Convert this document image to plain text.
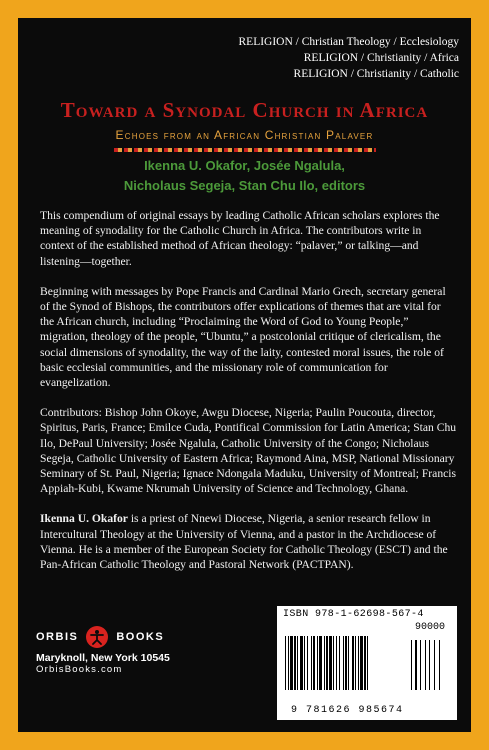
RELIGION / Christian Theology / Ecclesiology
RELIGION / Christianity / Africa
RELIGION / Christianity / Catholic
Toward a Synodal Church in Africa
Echoes from an African Christian Palaver
Ikenna U. Okafor, Josée Ngalula,
Nicholaus Segeja, Stan Chu Ilo, editors

This compendium of original essays by leading Catholic African scholars explores the meaning of synodality for the Catholic Church in Africa. The contributors write in context of the established method of African theology: “palaver,” or talking—and listening—together.

Beginning with messages by Pope Francis and Cardinal Mario Grech, secretary general of the Synod of Bishops, the contributors offer explications of themes that are vital for the African church, including “Proclaiming the Word of God to Young People,” migration, theology of the people, “Ubuntu,” a postcolonial critique of clericalism, the social dimensions of synodality, the way of the laity, contested moral issues, the role of basic ecclesial communities, and the missionary role of communication for evangelization.

Contributors: Bishop John Okoye, Awgu Diocese, Nigeria; Paulin Poucouta, director, Spiritus, Paris, France; Emilce Cuda, Pontifical Commission for Latin America; Stan Chu Ilo, DePaul University; Josée Ngalula, Catholic University of the Congo; Nicholaus Segeja, Catholic University of Eastern Africa; Raymond Aina, MSP, National Missionary Seminary of St. Paul, Nigeria; Ignace Ndongala Maduku, University of Montreal; Francis Appiah-Kubi, Kwame Nkrumah University of Science and Technology, Ghana.

Ikenna U. Okafor is a priest of Nnewi Diocese, Nigeria, a senior research fellow in Intercultural Theology at the University of Vienna, and a pastor in the Archdiocese of Vienna. He is a member of the European Society for Catholic Theology (ESCT) and the Pan-African Catholic Theology and Pastoral Network (PACTPAN).

ORBIS	BOOKS
Maryknoll, New York 10545
OrbisBooks.com
ISBN 978-1-62698-567-4
90000
9 781626 985674
